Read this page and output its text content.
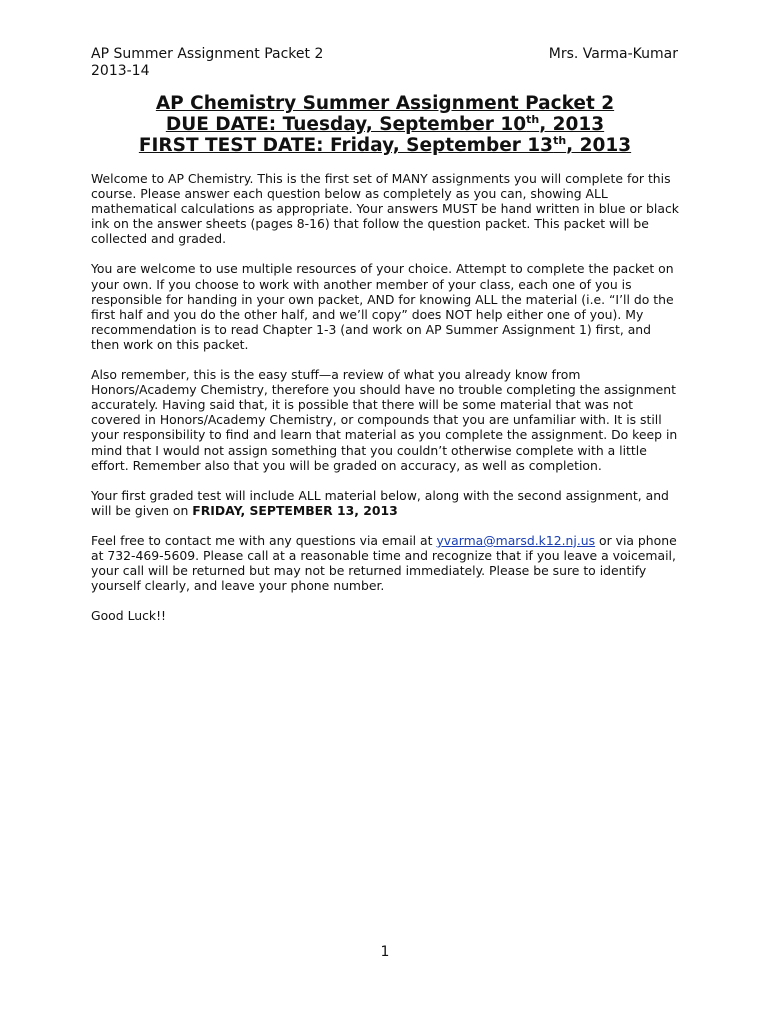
AP Summer Assignment Packet 2
2013-14
Mrs. Varma-Kumar
AP Chemistry Summer Assignment Packet 2
DUE DATE: Tuesday, September 10th, 2013
FIRST TEST DATE: Friday, September 13th, 2013

Welcome to AP Chemistry. This is the first set of MANY assignments you will complete for this course. Please answer each question below as completely as you can, showing ALL mathematical calculations as appropriate. Your answers MUST be hand written in blue or black ink on the answer sheets (pages 8-16) that follow the question packet. This packet will be collected and graded.

You are welcome to use multiple resources of your choice. Attempt to complete the packet on your own. If you choose to work with another member of your class, each one of you is responsible for handing in your own packet, AND for knowing ALL the material (i.e. “I’ll do the first half and you do the other half, and we’ll copy” does NOT help either one of you). My recommendation is to read Chapter 1-3 (and work on AP Summer Assignment 1) first, and then work on this packet.

Also remember, this is the easy stuff—a review of what you already know from Honors/Academy Chemistry, therefore you should have no trouble completing the assignment accurately. Having said that, it is possible that there will be some material that was not covered in Honors/Academy Chemistry, or compounds that you are unfamiliar with. It is still your responsibility to find and learn that material as you complete the assignment. Do keep in mind that I would not assign something that you couldn’t otherwise complete with a little effort. Remember also that you will be graded on accuracy, as well as completion.

Your first graded test will include ALL material below, along with the second assignment, and will be given on FRIDAY, SEPTEMBER 13, 2013

Feel free to contact me with any questions via email at yvarma@marsd.k12.nj.us or via phone at 732-469-5609. Please call at a reasonable time and recognize that if you leave a voicemail, your call will be returned but may not be returned immediately. Please be sure to identify yourself clearly, and leave your phone number.

Good Luck!!

1
